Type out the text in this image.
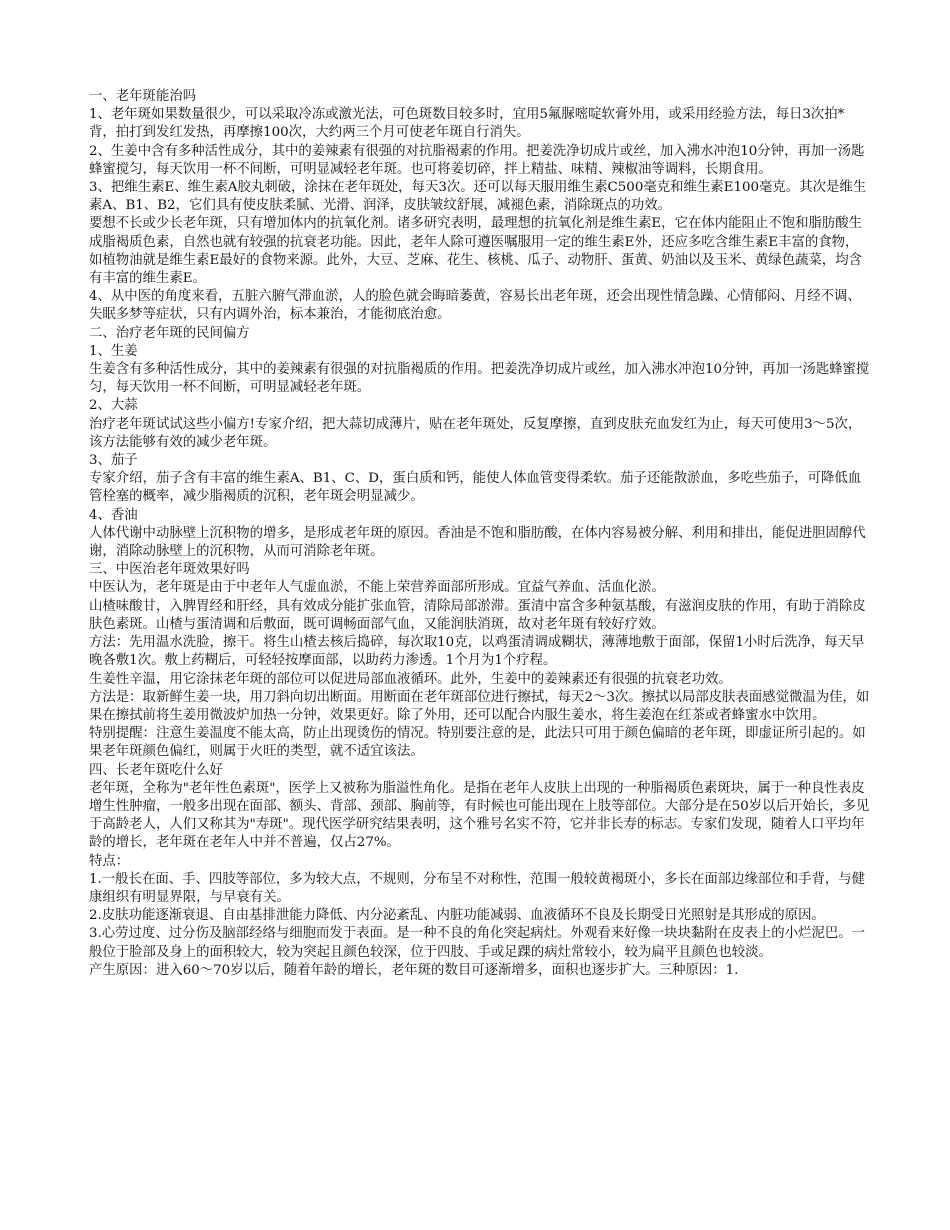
一、老年斑能治吗

1、老年斑如果数量很少，可以采取冷冻或激光法，可色斑数目较多时，宜用5氟脲嘧啶软膏外用，或采用经验方法，每日3次拍*背，拍打到发红发热，再摩擦100次，大约两三个月可使老年斑自行消失。

2、生姜中含有多种活性成分，其中的姜辣素有很强的对抗脂褐素的作用。把姜洗净切成片或丝，加入沸水冲泡10分钟，再加一汤匙蜂蜜搅匀，每天饮用一杯不间断，可明显减轻老年斑。也可将姜切碎，拌上精盐、味精、辣椒油等调料，长期食用。

3、把维生素E、维生素A胶丸刺破，涂抹在老年斑处，每天3次。还可以每天服用维生素C500毫克和维生素E100毫克。其次是维生素A、B1、B2，它们具有使皮肤柔腻、光滑、润泽，皮肤皱纹舒展，减褪色素，消除斑点的功效。

要想不长或少长老年斑，只有增加体内的抗氧化剂。诸多研究表明，最理想的抗氧化剂是维生素E，它在体内能阻止不饱和脂肪酸生成脂褐质色素，自然也就有较强的抗衰老功能。因此，老年人除可遵医嘱服用一定的维生素E外，还应多吃含维生素E丰富的食物，如植物油就是维生素E最好的食物来源。此外，大豆、芝麻、花生、核桃、瓜子、动物肝、蛋黄、奶油以及玉米、黄绿色蔬菜，均含有丰富的维生素E。

4、从中医的角度来看，五脏六腑气滞血淤，人的脸色就会晦暗萎黄，容易长出老年斑，还会出现性情急躁、心情郁闷、月经不调、失眠多梦等症状，只有内调外治，标本兼治，才能彻底治愈。

二、治疗老年斑的民间偏方

1、生姜

生姜含有多种活性成分，其中的姜辣素有很强的对抗脂褐质的作用。把姜洗净切成片或丝，加入沸水冲泡10分钟，再加一汤匙蜂蜜搅匀，每天饮用一杯不间断，可明显减轻老年斑。

2、大蒜

治疗老年斑试试这些小偏方!专家介绍，把大蒜切成薄片，贴在老年斑处，反复摩擦，直到皮肤充血发红为止，每天可使用3～5次，该方法能够有效的减少老年斑。

3、茄子

专家介绍，茄子含有丰富的维生素A、B1、C、D，蛋白质和钙，能使人体血管变得柔软。茄子还能散淤血，多吃些茄子，可降低血管栓塞的概率，减少脂褐质的沉积，老年斑会明显减少。

4、香油

人体代谢中动脉壁上沉积物的增多，是形成老年斑的原因。香油是不饱和脂肪酸，在体内容易被分解、利用和排出，能促进胆固醇代谢，消除动脉壁上的沉积物，从而可消除老年斑。

三、中医治老年斑效果好吗

中医认为，老年斑是由于中老年人气虚血淤，不能上荣营养面部所形成。宜益气养血、活血化淤。

山楂味酸甘，入脾胃经和肝经，具有效成分能扩张血管，清除局部淤滞。蛋清中富含多种氨基酸，有滋润皮肤的作用，有助于消除皮肤色素斑。山楂与蛋清调和后敷面，既可调畅面部气血，又能润肤消斑，故对老年斑有较好疗效。

方法：先用温水洗脸，擦干。将生山楂去核后捣碎，每次取10克，以鸡蛋清调成糊状，薄薄地敷于面部，保留1小时后洗净，每天早晚各敷1次。敷上药糊后，可轻轻按摩面部，以助药力渗透。1个月为1个疗程。

生姜性辛温，用它涂抹老年斑的部位可以促进局部血液循环。此外，生姜中的姜辣素还有很强的抗衰老功效。

方法是：取新鲜生姜一块，用刀斜向切出断面。用断面在老年斑部位进行擦拭，每天2～3次。擦拭以局部皮肤表面感觉微温为佳，如果在擦拭前将生姜用微波炉加热一分钟，效果更好。除了外用，还可以配合内服生姜水，将生姜泡在红茶或者蜂蜜水中饮用。

特别提醒：注意生姜温度不能太高，防止出现烫伤的情况。特别要注意的是，此法只可用于颜色偏暗的老年斑，即虚证所引起的。如果老年斑颜色偏红，则属于火旺的类型，就不适宜该法。

四、长老年斑吃什么好

老年斑，全称为"老年性色素斑"，医学上又被称为脂溢性角化。是指在老年人皮肤上出现的一种脂褐质色素斑块，属于一种良性表皮增生性肿瘤，一般多出现在面部、额头、背部、颈部、胸前等，有时候也可能出现在上肢等部位。大部分是在50岁以后开始长，多见于高龄老人，人们又称其为"寿斑"。现代医学研究结果表明，这个雅号名实不符，它并非长寿的标志。专家们发现，随着人口平均年龄的增长，老年斑在老年人中并不普遍，仅占27%。

特点：

1.一般长在面、手、四肢等部位，多为较大点，不规则，分布呈不对称性，范围一般较黄褐斑小，多长在面部边缘部位和手背，与健康组织有明显界限，与早衰有关。

2.皮肤功能逐渐衰退、自由基排泄能力降低、内分泌紊乱、内脏功能减弱、血液循环不良及长期受日光照射是其形成的原因。

3.心劳过度、过分伤及脑部经络与细胞而发于表面。是一种不良的角化突起病灶。外观看来好像一块块黏附在皮表上的小烂泥巴。一般位于脸部及身上的面积较大，较为突起且颜色较深，位于四肢、手或足踝的病灶常较小，较为扁平且颜色也较淡。

产生原因：进入60～70岁以后，随着年龄的增长，老年斑的数目可逐渐增多，面积也逐步扩大。三种原因：1.
